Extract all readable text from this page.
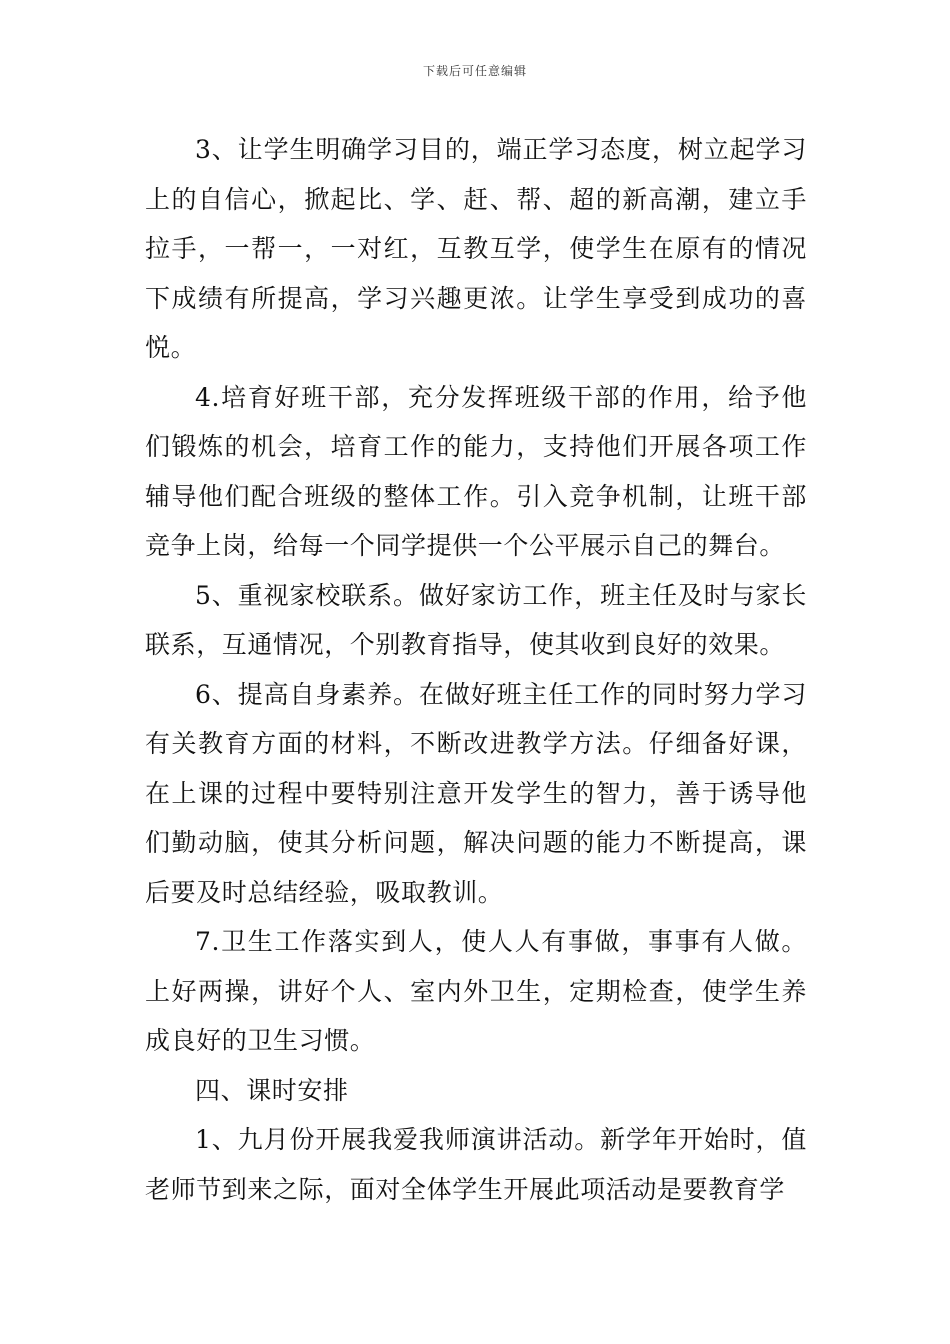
下载后可任意编辑

3、让学生明确学习目的，端正学习态度，树立起学习上的自信心，掀起比、学、赶、帮、超的新高潮，建立手拉手，一帮一，一对红，互教互学，使学生在原有的情况下成绩有所提高，学习兴趣更浓。让学生享受到成功的喜悦。

4.培育好班干部，充分发挥班级干部的作用，给予他们锻炼的机会，培育工作的能力，支持他们开展各项工作辅导他们配合班级的整体工作。引入竞争机制，让班干部竞争上岗，给每一个同学提供一个公平展示自己的舞台。

5、重视家校联系。做好家访工作，班主任及时与家长联系，互通情况，个别教育指导，使其收到良好的效果。

6、提高自身素养。在做好班主任工作的同时努力学习有关教育方面的材料，不断改进教学方法。仔细备好课，在上课的过程中要特别注意开发学生的智力，善于诱导他们勤动脑，使其分析问题，解决问题的能力不断提高，课后要及时总结经验，吸取教训。

7.卫生工作落实到人，使人人有事做，事事有人做。上好两操，讲好个人、室内外卫生，定期检查，使学生养成良好的卫生习惯。

四、课时安排

1、九月份开展我爱我师演讲活动。新学年开始时，值老师节到来之际，面对全体学生开展此项活动是要教育学
